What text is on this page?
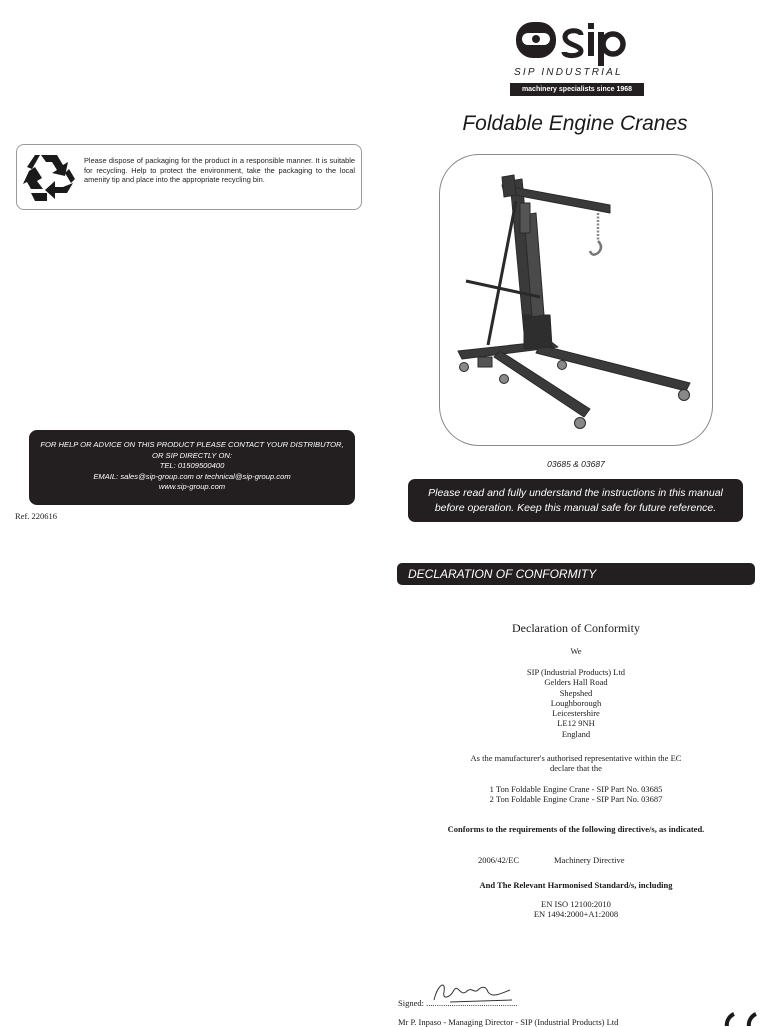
Please dispose of packaging for the product in a responsible manner. It is suitable for recycling. Help to protect the environment, take the packaging to the local amenity tip and place into the appropriate recycling bin.
FOR HELP OR ADVICE ON THIS PRODUCT PLEASE CONTACT YOUR DISTRIBUTOR,
OR SIP DIRECTLY ON:
TEL: 01509500400
EMAIL: sales@sip-group.com or technical@sip-group.com
www.sip-group.com
Ref. 220616
SIP INDUSTRIAL
machinery specialists since 1968
Foldable Engine Cranes
03685 & 03687
Please read and fully understand the instructions in this manual
before operation. Keep this manual safe for future reference.
DECLARATION OF CONFORMITY
Declaration of Conformity
We
SIP (Industrial Products) Ltd
Gelders Hall Road
Shepshed
Loughborough
Leicestershire
LE12 9NH
England
As the manufacturer's authorised representative within the EC
declare that the
1 Ton Foldable Engine Crane - SIP Part No. 03685
2 Ton Foldable Engine Crane - SIP Part No. 03687
Conforms to the requirements of the following directive/s, as indicated.
2006/42/EC	Machinery Directive
And The Relevant Harmonised Standard/s, including
EN ISO 12100:2010
EN 1494:2000+A1:2008
Signed: ...........................................
Mr P. Inpaso - Managing Director - SIP (Industrial Products) Ltd
